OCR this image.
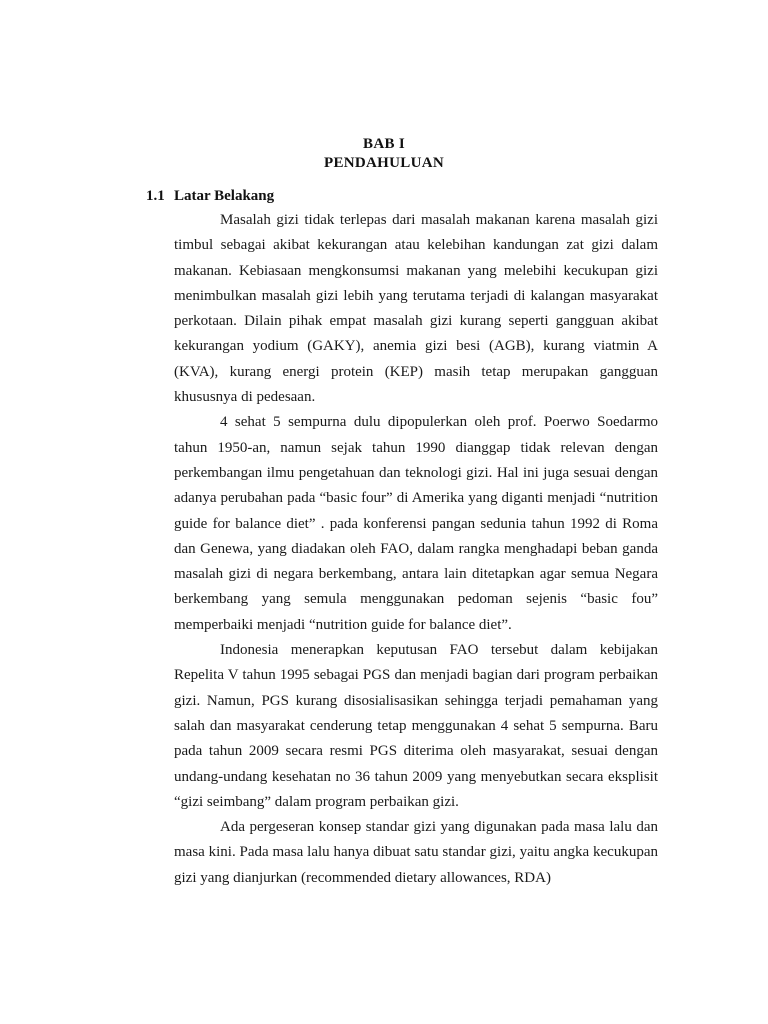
BAB I
PENDAHULUAN
1.1 Latar Belakang

Masalah gizi tidak terlepas dari masalah makanan karena masalah gizi timbul sebagai akibat kekurangan atau kelebihan kandungan zat gizi dalam makanan. Kebiasaan mengkonsumsi makanan yang melebihi kecukupan gizi menimbulkan masalah gizi lebih yang terutama terjadi di kalangan masyarakat perkotaan. Dilain pihak empat masalah gizi kurang seperti gangguan akibat kekurangan yodium (GAKY), anemia gizi besi (AGB), kurang viatmin A (KVA), kurang energi protein (KEP) masih tetap merupakan gangguan khususnya di pedesaan.

4 sehat 5 sempurna dulu dipopulerkan oleh prof. Poerwo Soedarmo tahun 1950-an, namun sejak tahun 1990 dianggap tidak relevan dengan perkembangan ilmu pengetahuan dan teknologi gizi. Hal ini juga sesuai dengan adanya perubahan pada “basic four” di Amerika yang diganti menjadi “nutrition guide for balance diet” . pada konferensi pangan sedunia tahun 1992 di Roma dan Genewa, yang diadakan oleh FAO, dalam rangka menghadapi beban ganda masalah gizi di negara berkembang, antara lain ditetapkan agar semua Negara berkembang yang semula menggunakan pedoman sejenis “basic fou” memperbaiki menjadi “nutrition guide for balance diet”.

Indonesia menerapkan keputusan FAO tersebut dalam kebijakan Repelita V tahun 1995 sebagai PGS dan menjadi bagian dari program perbaikan gizi. Namun, PGS kurang disosialisasikan sehingga terjadi pemahaman yang salah dan masyarakat cenderung tetap menggunakan 4 sehat 5 sempurna. Baru pada tahun 2009 secara resmi PGS diterima oleh masyarakat, sesuai dengan undang-undang kesehatan no 36 tahun 2009 yang menyebutkan secara eksplisit “gizi seimbang” dalam program perbaikan gizi.

Ada pergeseran konsep standar gizi yang digunakan pada masa lalu dan masa kini. Pada masa lalu hanya dibuat satu standar gizi, yaitu angka kecukupan gizi yang dianjurkan (recommended dietary allowances, RDA)
